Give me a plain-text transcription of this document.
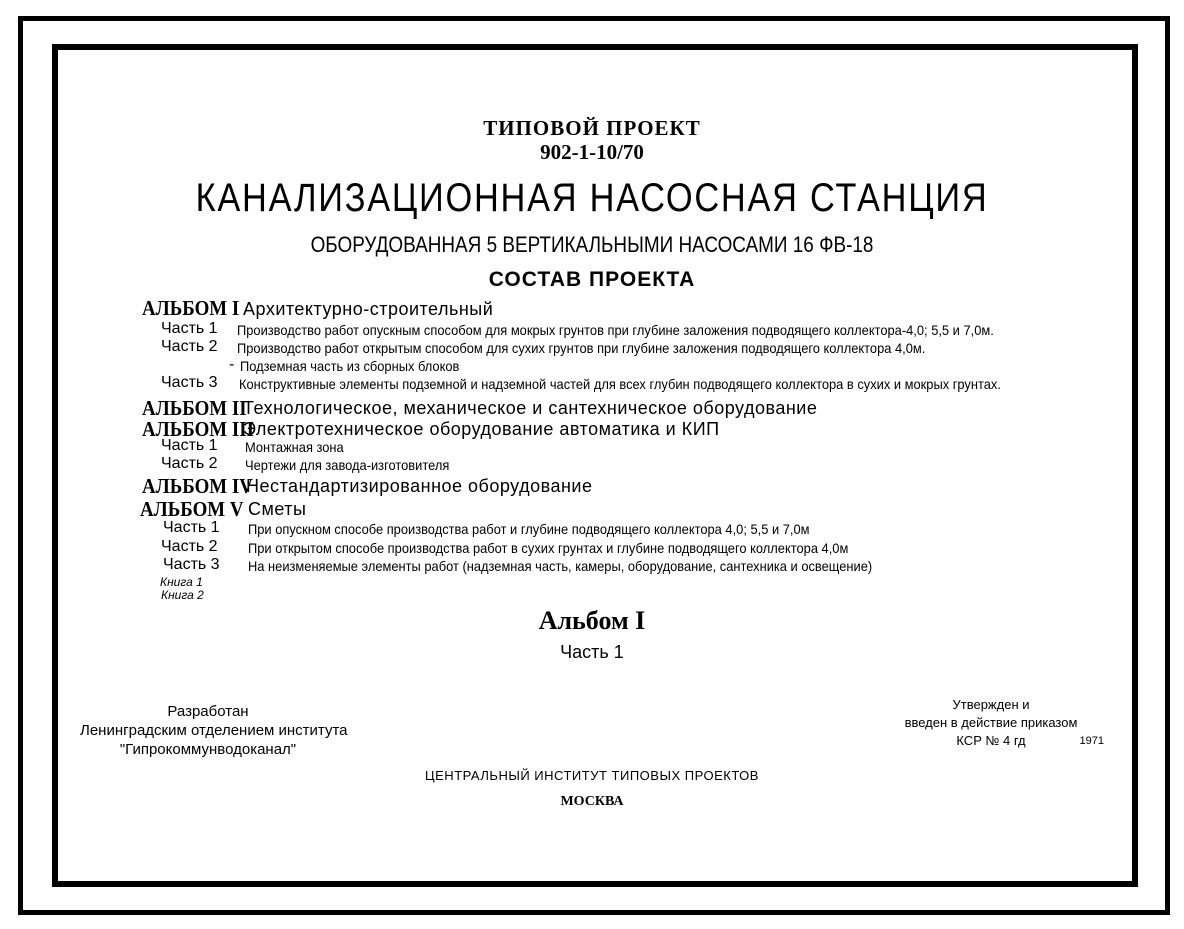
ТИПОВОЙ ПРОЕКТ
902-1-10/70
КАНАЛИЗАЦИОННАЯ НАСОСНАЯ СТАНЦИЯ
ОБОРУДОВАННАЯ 5 ВЕРТИКАЛЬНЫМИ НАСОСАМИ 16 ФВ-18
СОСТАВ ПРОЕКТА
АЛЬБОМ I Архитектурно-строительный
Часть 1 Производство работ опускным способом для мокрых грунтов при глубине заложения подводящего коллектора-4,0; 5,5 и 7,0м.
Часть 2 Производство работ открытым способом для сухих грунтов при глубине заложения подводящего коллектора 4,0м.
- Подземная часть из сборных блоков
Часть 3 Конструктивные элементы подземной и надземной частей для всех глубин подводящего коллектора в сухих и мокрых грунтах.
АЛЬБОМ II
Технологическое, механическое и сантехническое оборудование
АЛЬБОМ III
Электротехническое оборудование автоматика и КИП
Часть 1 Монтажная зона
Часть 2 Чертежи для завода-изготовителя
АЛЬБОМ IV
Нестандартизированное оборудование
АЛЬБОМ V Сметы
Часть 1 При опускном способе производства работ и глубине подводящего коллектора 4,0; 5,5 и 7,0м
Часть 2 При открытом способе производства работ в сухих грунтах и глубине подводящего коллектора 4,0м
Часть 3 На неизменяемые элементы работ (надземная часть, камеры, оборудование, сантехника и освещение)
Книга 1
Книга 2
Альбом I
Часть 1
Разработан
Ленинградским отделением института
"Гипрокоммунводоканал"
Утвержден и
введен в действие приказом
КСР № 4 гд	1971
ЦЕНТРАЛЬНЫЙ ИНСТИТУТ ТИПОВЫХ ПРОЕКТОВ
МОСКВА
